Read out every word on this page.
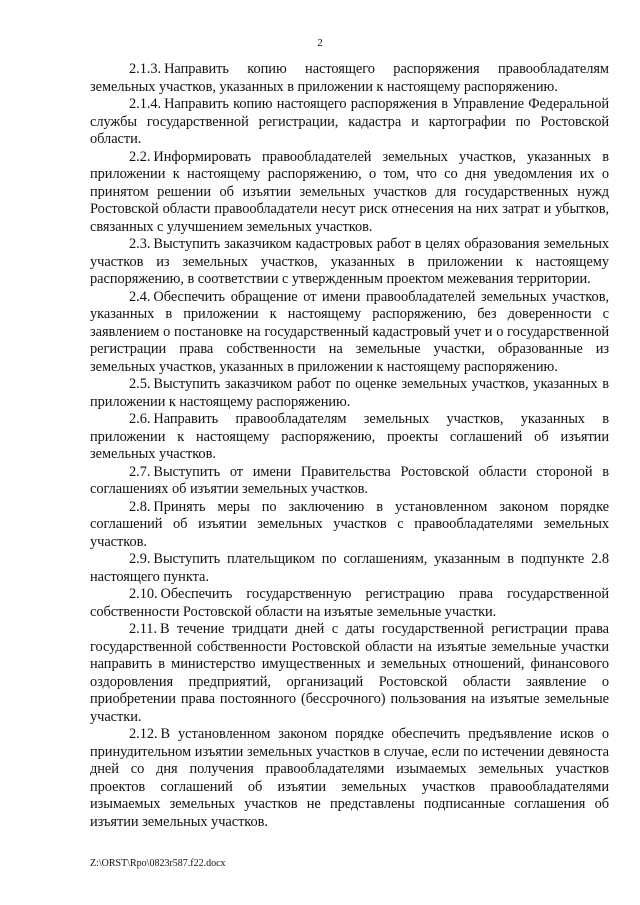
2

2.1.3. Направить копию настоящего распоряжения правообладателям земельных участков, указанных в приложении к настоящему распоряжению.

2.1.4. Направить копию настоящего распоряжения в Управление Федеральной службы государственной регистрации, кадастра и картографии по Ростовской области.

2.2. Информировать правообладателей земельных участков, указанных в приложении к настоящему распоряжению, о том, что со дня уведомления их о принятом решении об изъятии земельных участков для государственных нужд Ростовской области правообладатели несут риск отнесения на них затрат и убытков, связанных с улучшением земельных участков.

2.3. Выступить заказчиком кадастровых работ в целях образования земельных участков из земельных участков, указанных в приложении к настоящему распоряжению, в соответствии с утвержденным проектом межевания территории.

2.4. Обеспечить обращение от имени правообладателей земельных участков, указанных в приложении к настоящему распоряжению, без доверенности с заявлением о постановке на государственный кадастровый учет и о государственной регистрации права собственности на земельные участки, образованные из земельных участков, указанных в приложении к настоящему распоряжению.

2.5. Выступить заказчиком работ по оценке земельных участков, указанных в приложении к настоящему распоряжению.

2.6. Направить правообладателям земельных участков, указанных в приложении к настоящему распоряжению, проекты соглашений об изъятии земельных участков.

2.7. Выступить от имени Правительства Ростовской области стороной в соглашениях об изъятии земельных участков.

2.8. Принять меры по заключению в установленном законом порядке соглашений об изъятии земельных участков с правообладателями земельных участков.

2.9. Выступить плательщиком по соглашениям, указанным в подпункте 2.8 настоящего пункта.

2.10. Обеспечить государственную регистрацию права государственной собственности Ростовской области на изъятые земельные участки.

2.11. В течение тридцати дней с даты государственной регистрации права государственной собственности Ростовской области на изъятые земельные участки направить в министерство имущественных и земельных отношений, финансового оздоровления предприятий, организаций Ростовской области заявление о приобретении права постоянного (бессрочного) пользования на изъятые земельные участки.

2.12. В установленном законом порядке обеспечить предъявление исков о принудительном изъятии земельных участков в случае, если по истечении девяноста дней со дня получения правообладателями изымаемых земельных участков проектов соглашений об изъятии земельных участков правообладателями изымаемых земельных участков не представлены подписанные соглашения об изъятии земельных участков.

Z:\ORST\Rpo\0823r587.f22.docx
